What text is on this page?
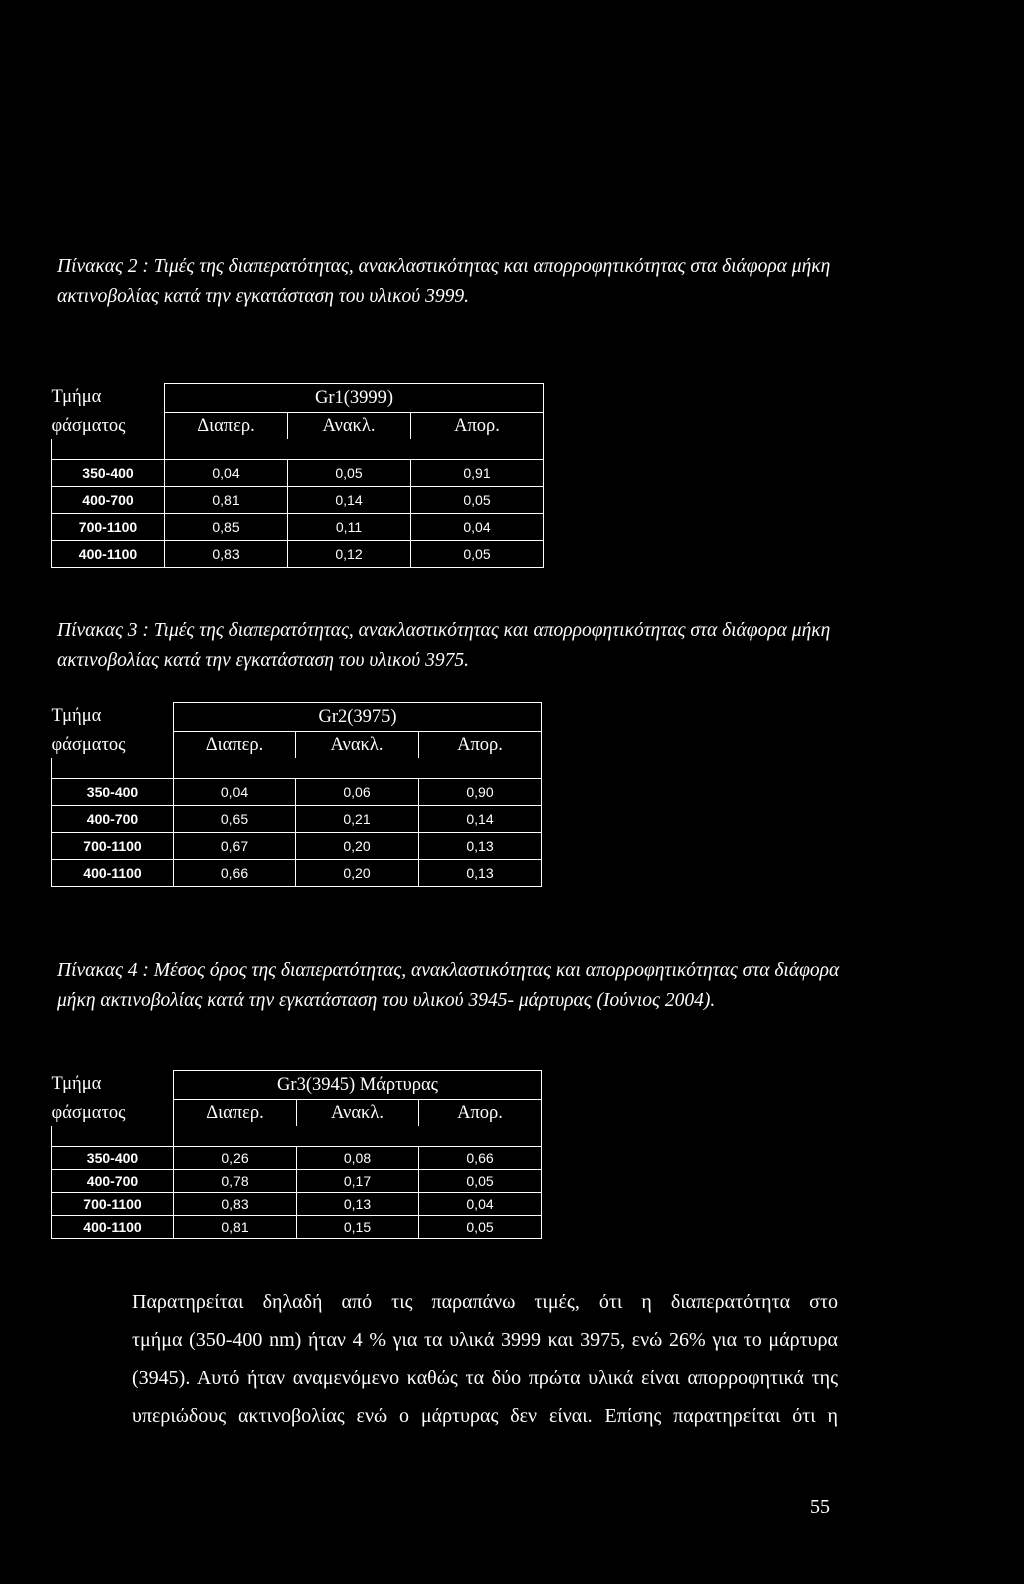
Πίνακας 2 : Τιμές της διαπερατότητας, ανακλαστικότητας και απορροφητικότητας στα διάφορα μήκη ακτινοβολίας κατά την εγκατάσταση του υλικού 3999.

Τμήμα	Gr1(3999)		
φάσματος	Διαπερ.	Ανακλ.	Απορ.

350-400	0,04	0,05	0,91
400-700	0,81	0,14	0,05
700-1100	0,85	0,11	0,04
400-1100	0,83	0,12	0,05

Πίνακας 3 : Τιμές της διαπερατότητας, ανακλαστικότητας και απορροφητικότητας στα διάφορα μήκη ακτινοβολίας κατά την εγκατάσταση του υλικού 3975.

Τμήμα	Gr2(3975)		
φάσματος	Διαπερ.	Ανακλ.	Απορ.

350-400	0,04	0,06	0,90
400-700	0,65	0,21	0,14
700-1100	0,67	0,20	0,13
400-1100	0,66	0,20	0,13

Πίνακας 4 : Μέσος όρος της διαπερατότητας, ανακλαστικότητας και απορροφητικότητας στα διάφορα μήκη ακτινοβολίας κατά την εγκατάσταση του υλικού 3945- μάρτυρας (Ιούνιος 2004).

Τμήμα	Gr3(3945) Μάρτυρας		
φάσματος	Διαπερ.	Ανακλ.	Απορ.

350-400	0,26	0,08	0,66
400-700	0,78	0,17	0,05
700-1100	0,83	0,13	0,04
400-1100	0,81	0,15	0,05
Παρατηρείται δηλαδή από τις παραπάνω τιμές, ότι η διαπερατότητα στο
τμήμα (350-400 nm) ήταν 4 % για τα υλικά 3999 και 3975, ενώ 26% για το μάρτυρα
(3945). Αυτό ήταν αναμενόμενο καθώς τα δύο πρώτα υλικά είναι απορροφητικά της
υπεριώδους ακτινοβολίας ενώ ο μάρτυρας δεν είναι. Επίσης παρατηρείται ότι η
55
